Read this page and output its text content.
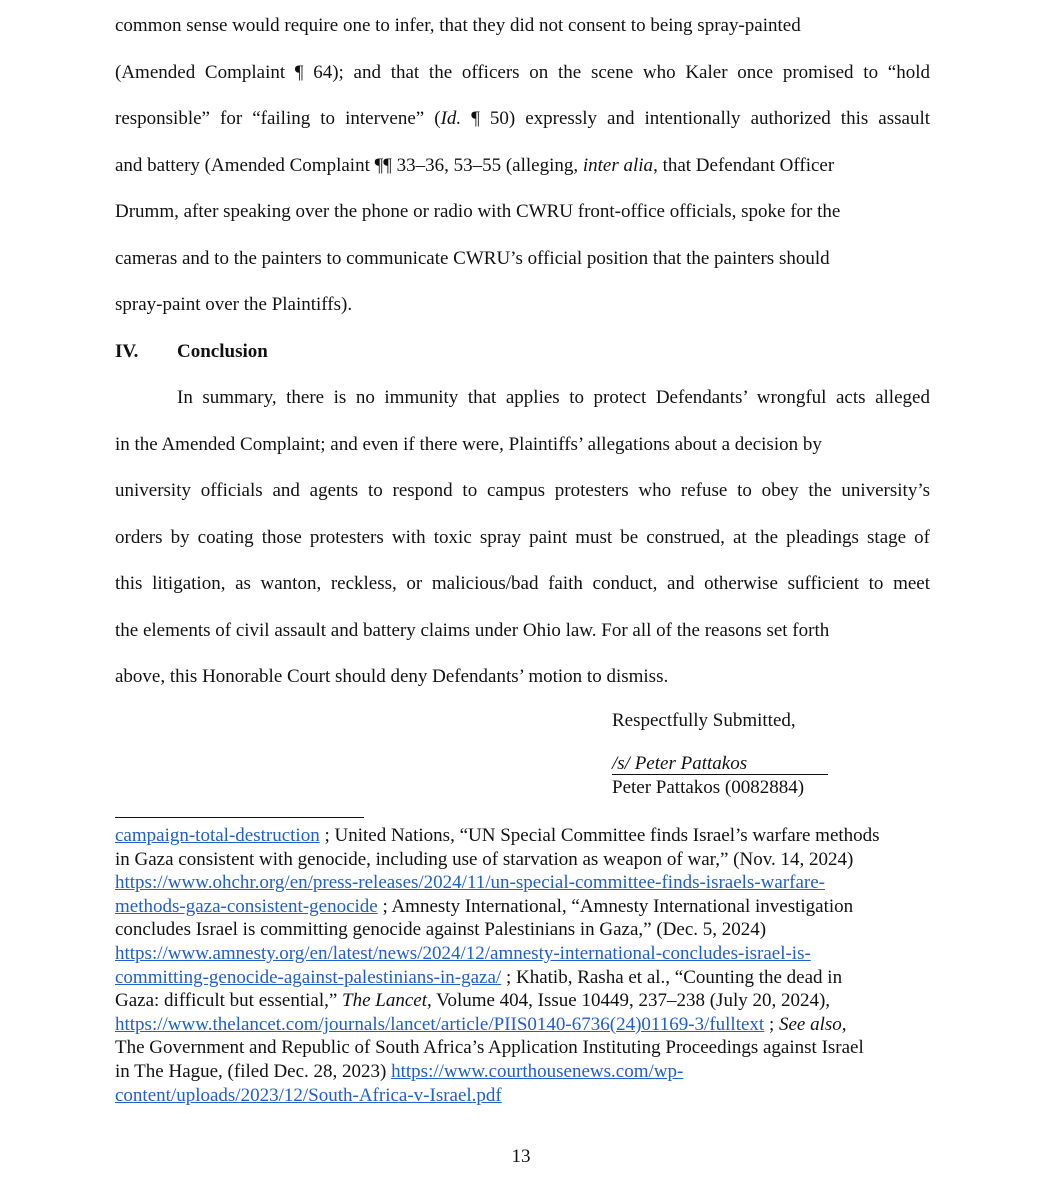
common sense would require one to infer, that they did not consent to being spray-painted
(Amended Complaint ¶ 64); and that the officers on the scene who Kaler once promised to “hold
responsible” for “failing to intervene” (Id. ¶ 50) expressly and intentionally authorized this assault
and battery (Amended Complaint ¶¶ 33–36, 53–55 (alleging, inter alia, that Defendant Officer
Drumm, after speaking over the phone or radio with CWRU front-office officials, spoke for the
cameras and to the painters to communicate CWRU’s official position that the painters should
spray-paint over the Plaintiffs).

IV. Conclusion

In summary, there is no immunity that applies to protect Defendants’ wrongful acts alleged
in the Amended Complaint; and even if there were, Plaintiffs’ allegations about a decision by
university officials and agents to respond to campus protesters who refuse to obey the university’s
orders by coating those protesters with toxic spray paint must be construed, at the pleadings stage of
this litigation, as wanton, reckless, or malicious/bad faith conduct, and otherwise sufficient to meet
the elements of civil assault and battery claims under Ohio law. For all of the reasons set forth
above, this Honorable Court should deny Defendants’ motion to dismiss.

Respectfully Submitted,

/s/ Peter Pattakos

Peter Pattakos (0082884)

campaign-total-destruction ; United Nations, “UN Special Committee finds Israel’s warfare methods
in Gaza consistent with genocide, including use of starvation as weapon of war,” (Nov. 14, 2024)
https://www.ohchr.org/en/press-releases/2024/11/un-special-committee-finds-israels-warfare-
methods-gaza-consistent-genocide ; Amnesty International, “Amnesty International investigation
concludes Israel is committing genocide against Palestinians in Gaza,” (Dec. 5, 2024)
https://www.amnesty.org/en/latest/news/2024/12/amnesty-international-concludes-israel-is-
committing-genocide-against-palestinians-in-gaza/ ; Khatib, Rasha et al., “Counting the dead in
Gaza: difficult but essential,” The Lancet, Volume 404, Issue 10449, 237–238 (July 20, 2024),
https://www.thelancet.com/journals/lancet/article/PIIS0140-6736(24)01169-3/fulltext ; See also,
The Government and Republic of South Africa’s Application Instituting Proceedings against Israel
in The Hague, (filed Dec. 28, 2023) https://www.courthousenews.com/wp-
content/uploads/2023/12/South-Africa-v-Israel.pdf
13
